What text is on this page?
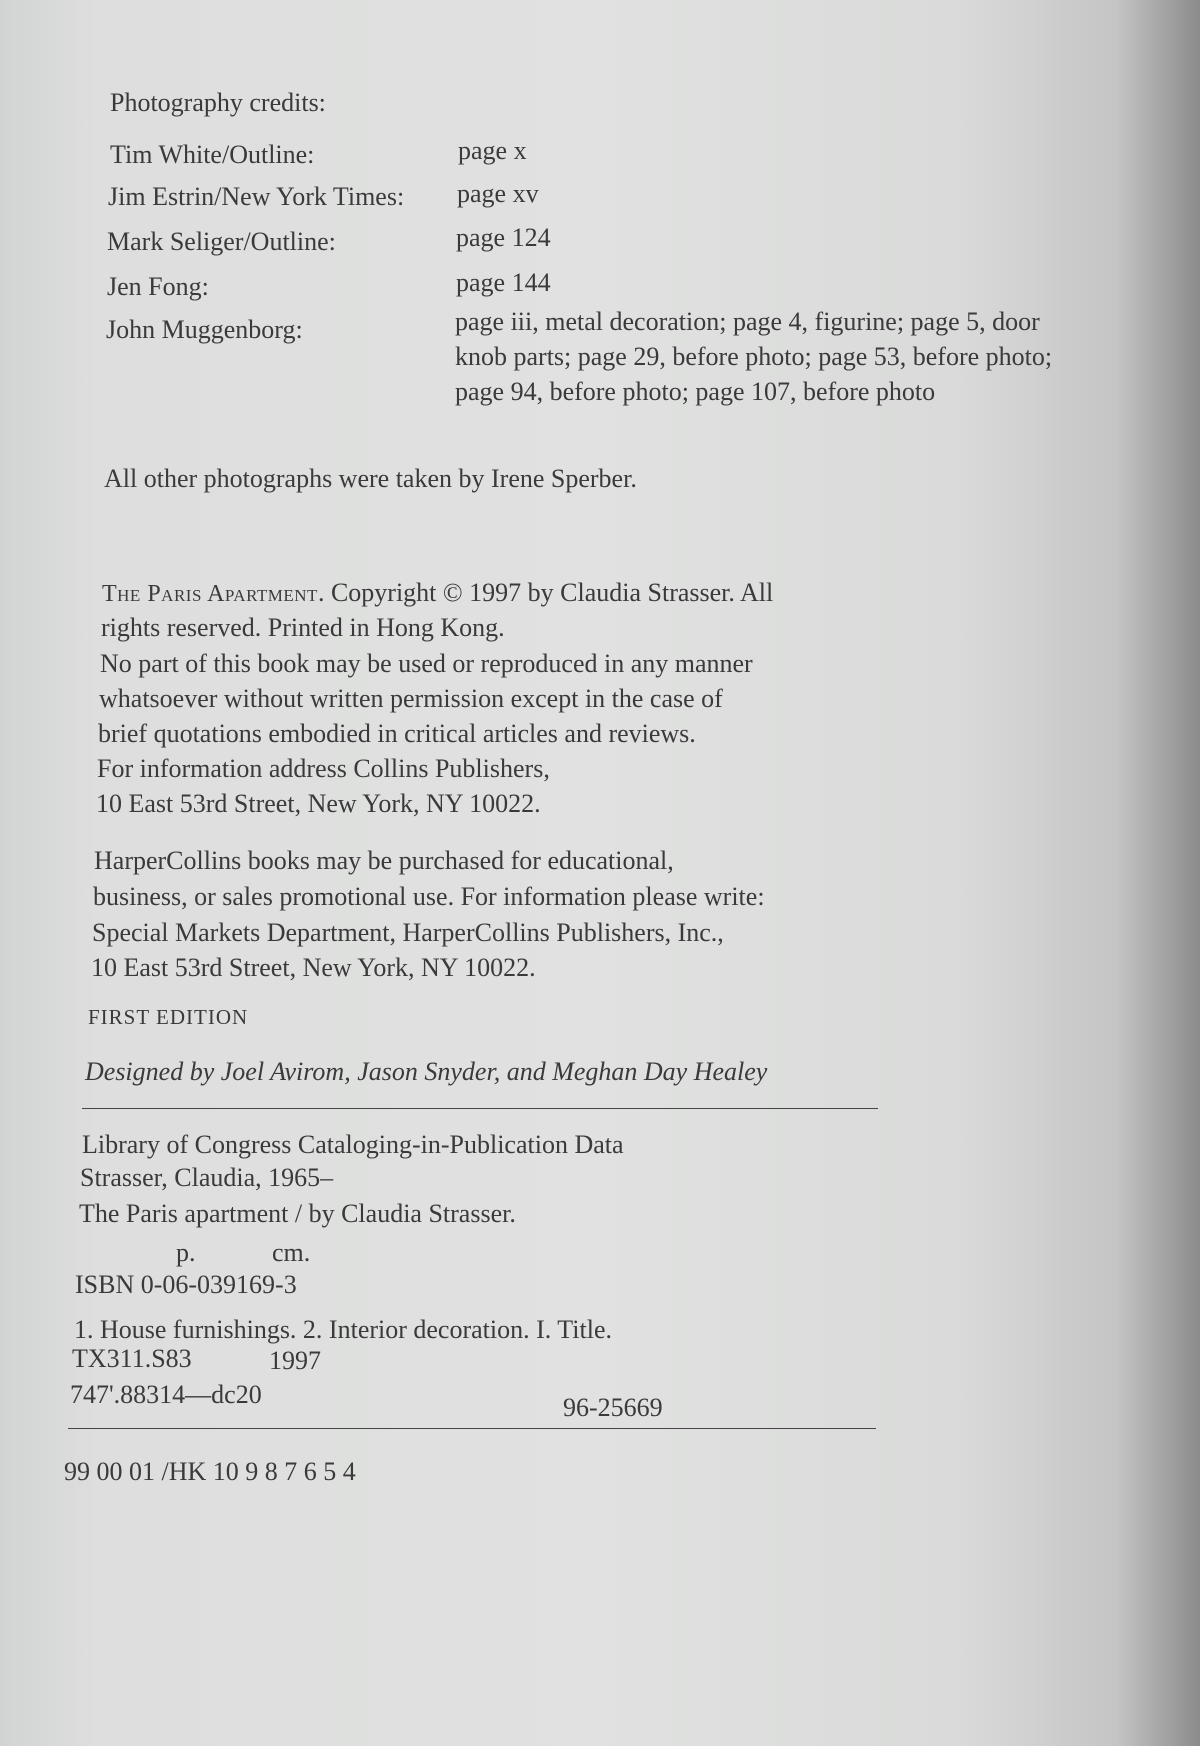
Photography credits:

Tim White/Outline:	page x

Jim Estrin/New York Times: page xv

Mark Seliger/Outline:	page 124

Jen Fong:	page 144

John Muggenborg:	page iii, metal decoration; page 4, figurine; page 5, door knob parts; page 29, before photo; page 53, before photo; page 94, before photo; page 107, before photo

All other photographs were taken by Irene Sperber.

The Paris Apartment. Copyright © 1997 by Claudia Strasser. All

rights reserved. Printed in Hong Kong.

No part of this book may be used or reproduced in any manner

whatsoever without written permission except in the case of

brief quotations embodied in critical articles and reviews.

For information address Collins Publishers,

10 East 53rd Street, New York, NY 10022.

HarperCollins books may be purchased for educational,

business, or sales promotional use. For information please write:

Special Markets Department, HarperCollins Publishers, Inc.,

10 East 53rd Street, New York, NY 10022.

FIRST EDITION

Designed by Joel Avirom, Jason Snyder, and Meghan Day Healey

Library of Congress Cataloging-in-Publication Data

Strasser, Claudia, 1965–

The Paris apartment / by Claudia Strasser.

p.	cm.

ISBN 0-06-039169-3

1. House furnishings. 2. Interior decoration. I. Title.

TX311.S83	1997

747'.88314—dc20	96-25669

99 00 01 /HK 10 9 8 7 6 5 4
